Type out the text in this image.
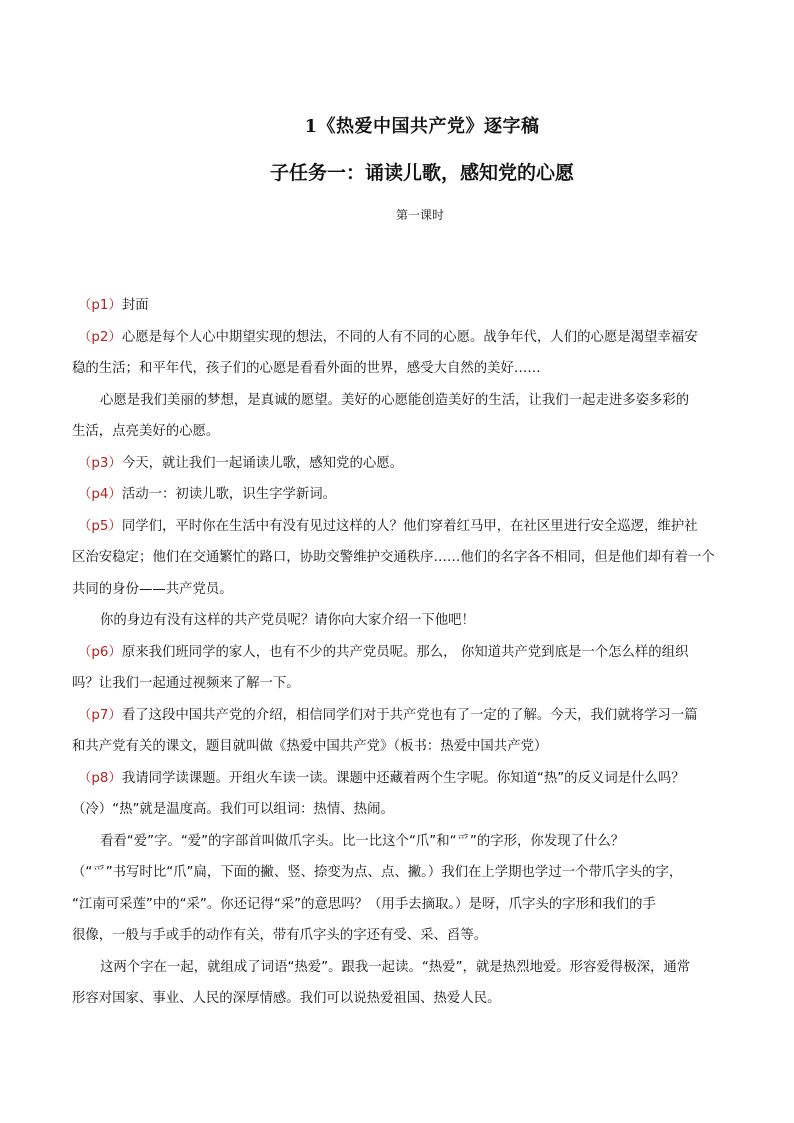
1《热爱中国共产党》逐字稿
子任务一：诵读儿歌，感知党的心愿
第一课时

（p1）封面

（p2）心愿是每个人心中期望实现的想法，不同的人有不同的心愿。战争年代，人们的心愿是渴望幸福安

稳的生活；和平年代，孩子们的心愿是看看外面的世界，感受大自然的美好……

心愿是我们美丽的梦想，是真诚的愿望。美好的心愿能创造美好的生活，让我们一起走进多姿多彩的

生活，点亮美好的心愿。

（p3）今天，就让我们一起诵读儿歌，感知党的心愿。

（p4）活动一：初读儿歌，识生字学新词。

（p5）同学们，平时你在生活中有没有见过这样的人？他们穿着红马甲，在社区里进行安全巡逻，维护社

区治安稳定；他们在交通繁忙的路口，协助交警维护交通秩序……他们的名字各不相同，但是他们却有着一个

共同的身份——共产党员。

你的身边有没有这样的共产党员呢？请你向大家介绍一下他吧！

（p6）原来我们班同学的家人，也有不少的共产党员呢。那么， 你知道共产党到底是一个怎么样的组织

吗？让我们一起通过视频来了解一下。

（p7）看了这段中国共产党的介绍，相信同学们对于共产党也有了一定的了解。今天，我们就将学习一篇

和共产党有关的课文，题目就叫做《热爱中国共产党》（板书：热爱中国共产党）

（p8）我请同学读课题。开组火车读一读。课题中还藏着两个生字呢。你知道“热”的反义词是什么吗？

（冷）“热”就是温度高。我们可以组词：热情、热闹。

看看“爱”字。“爱”的字部首叫做爪字头。比一比这个“爪”和“爫”的字形，你发现了什么？

（“爫”书写时比“爪”扁，下面的撇、竖、捺变为点、点、撇。）我们在上学期也学过一个带爪字头的字，

“江南可采莲”中的“采”。你还记得“采”的意思吗？（用手去摘取。）是呀，爪字头的字形和我们的手

很像，一般与手或手的动作有关，带有爪字头的字还有受、采、舀等。

这两个字在一起，就组成了词语“热爱”。跟我一起读。“热爱”，就是热烈地爱。形容爱得极深，通常

形容对国家、事业、人民的深厚情感。我们可以说热爱祖国、热爱人民。
